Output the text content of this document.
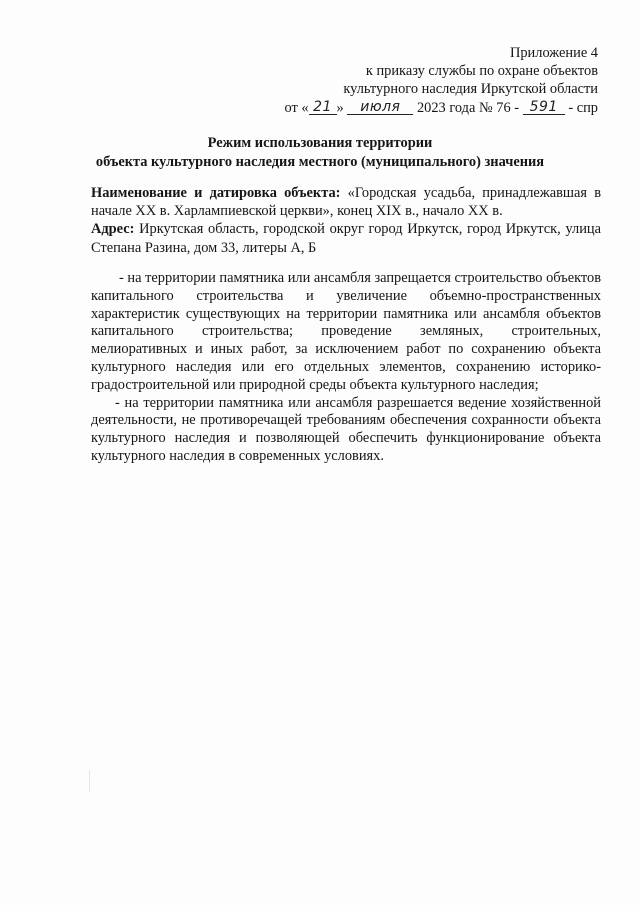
Приложение 4
к приказу службы по охране объектов
культурного наследия Иркутской области
от « 21 » июля 2023 года № 76 - 591 - спр
Режим использования территории
объекта культурного наследия местного (муниципального) значения
Наименование и датировка объекта: «Городская усадьба, принадлежавшая в начале XX в. Харлампиевской церкви», конец XIX в., начало XX в.
Адрес: Иркутская область, городской округ город Иркутск, город Иркутск, улица Степана Разина, дом 33, литеры А, Б

- на территории памятника или ансамбля запрещается строительство объектов капитального строительства и увеличение объемно-пространственных характеристик существующих на территории памятника или ансамбля объектов капитального строительства; проведение земляных, строительных, мелиоративных и иных работ, за исключением работ по сохранению объекта культурного наследия или его отдельных элементов, сохранению историко-градостроительной или природной среды объекта культурного наследия;

- на территории памятника или ансамбля разрешается ведение хозяйственной деятельности, не противоречащей требованиям обеспечения сохранности объекта культурного наследия и позволяющей обеспечить функционирование объекта культурного наследия в современных условиях.
